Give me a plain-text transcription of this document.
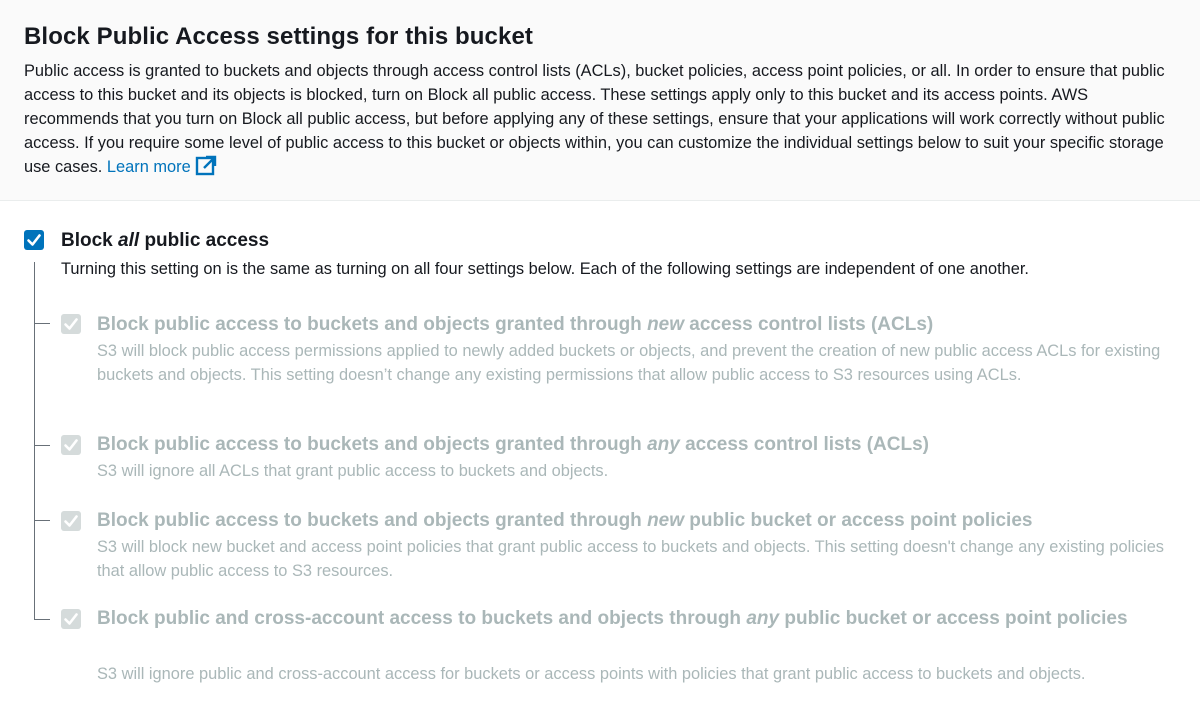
Block Public Access settings for this bucket

Public access is granted to buckets and objects through access control lists (ACLs), bucket policies, access point policies, or all. In order to ensure that public access to this bucket and its objects is blocked, turn on Block all public access. These settings apply only to this bucket and its access points. AWS recommends that you turn on Block all public access, but before applying any of these settings, ensure that your applications will work correctly without public access. If you require some level of public access to this bucket or objects within, you can customize the individual settings below to suit your specific storage use cases. Learn more

Block all public access
Turning this setting on is the same as turning on all four settings below. Each of the following settings are independent of one another.
Block public access to buckets and objects granted through new access control lists (ACLs)
S3 will block public access permissions applied to newly added buckets or objects, and prevent the creation of new public access ACLs for existing buckets and objects. This setting doesn’t change any existing permissions that allow public access to S3 resources using ACLs.
Block public access to buckets and objects granted through any access control lists (ACLs)
S3 will ignore all ACLs that grant public access to buckets and objects.
Block public access to buckets and objects granted through new public bucket or access point policies
S3 will block new bucket and access point policies that grant public access to buckets and objects. This setting doesn't change any existing policies that allow public access to S3 resources.
Block public and cross-account access to buckets and objects through any public bucket or access point policies
S3 will ignore public and cross-account access for buckets or access points with policies that grant public access to buckets and objects.
